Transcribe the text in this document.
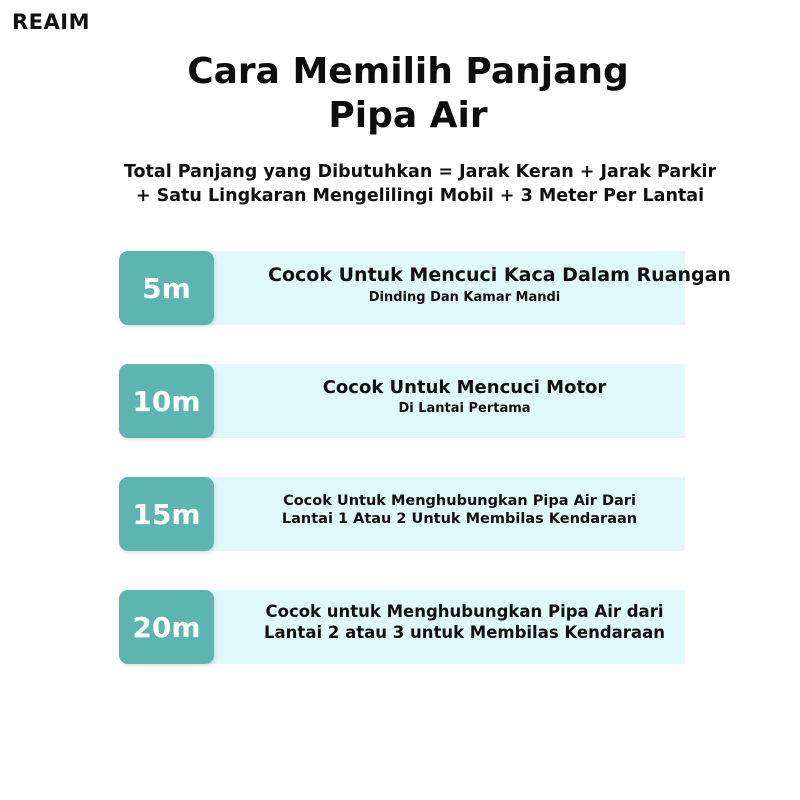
REAIM
Cara Memilih Panjang
Pipa Air
Total Panjang yang Dibutuhkan = Jarak Keran + Jarak Parkir
+ Satu Lingkaran Mengelilingi Mobil + 3 Meter Per Lantai
5m	Cocok Untuk Mencuci Kaca Dalam Ruangan
Dinding Dan Kamar Mandi
10m	Cocok Untuk Mencuci Motor
Di Lantai Pertama
15m	Cocok Untuk Menghubungkan Pipa Air Dari
Lantai 1 Atau 2 Untuk Membilas Kendaraan
20m	Cocok untuk Menghubungkan Pipa Air dari
Lantai 2 atau 3 untuk Membilas Kendaraan
